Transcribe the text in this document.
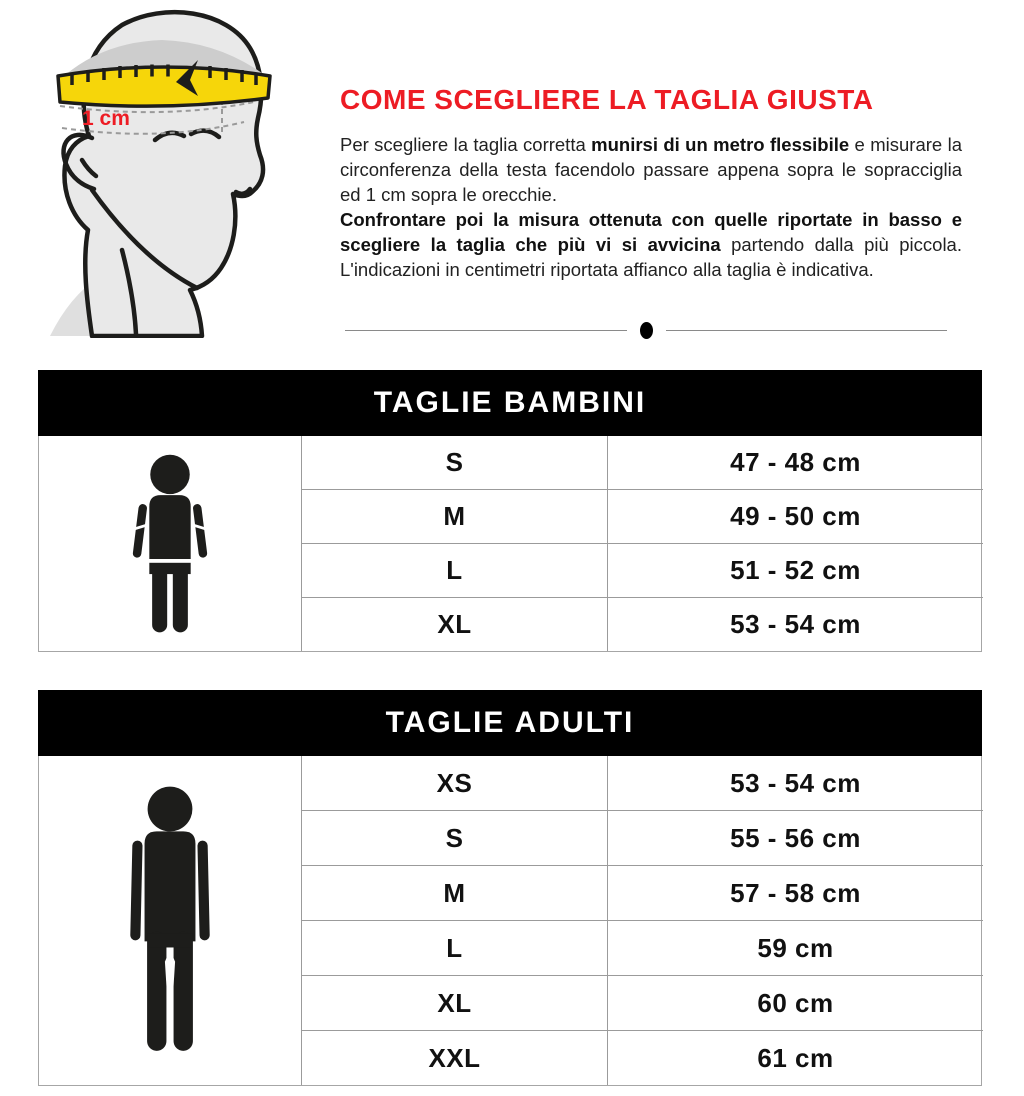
1 cm
COME SCEGLIERE LA TAGLIA GIUSTA

Per scegliere la taglia corretta munirsi di un metro flessibile e misurare la circonferenza della testa facendolo passare appena sopra le sopracciglia ed 1 cm sopra le orecchie.

Confrontare poi la misura ottenuta con quelle riportate in basso e scegliere la taglia che più vi si avvicina partendo dalla più piccola. L'indicazioni in centimetri riportata affianco alla taglia è indicativa.

TAGLIE BAMBINI
S	47 - 48 cm
M	49 - 50 cm
L	51 - 52 cm
XL	53 - 54 cm
TAGLIE ADULTI
XS	53 - 54 cm
S	55 - 56 cm
M	57 - 58 cm
L	59 cm
XL	60 cm
XXL	61 cm
